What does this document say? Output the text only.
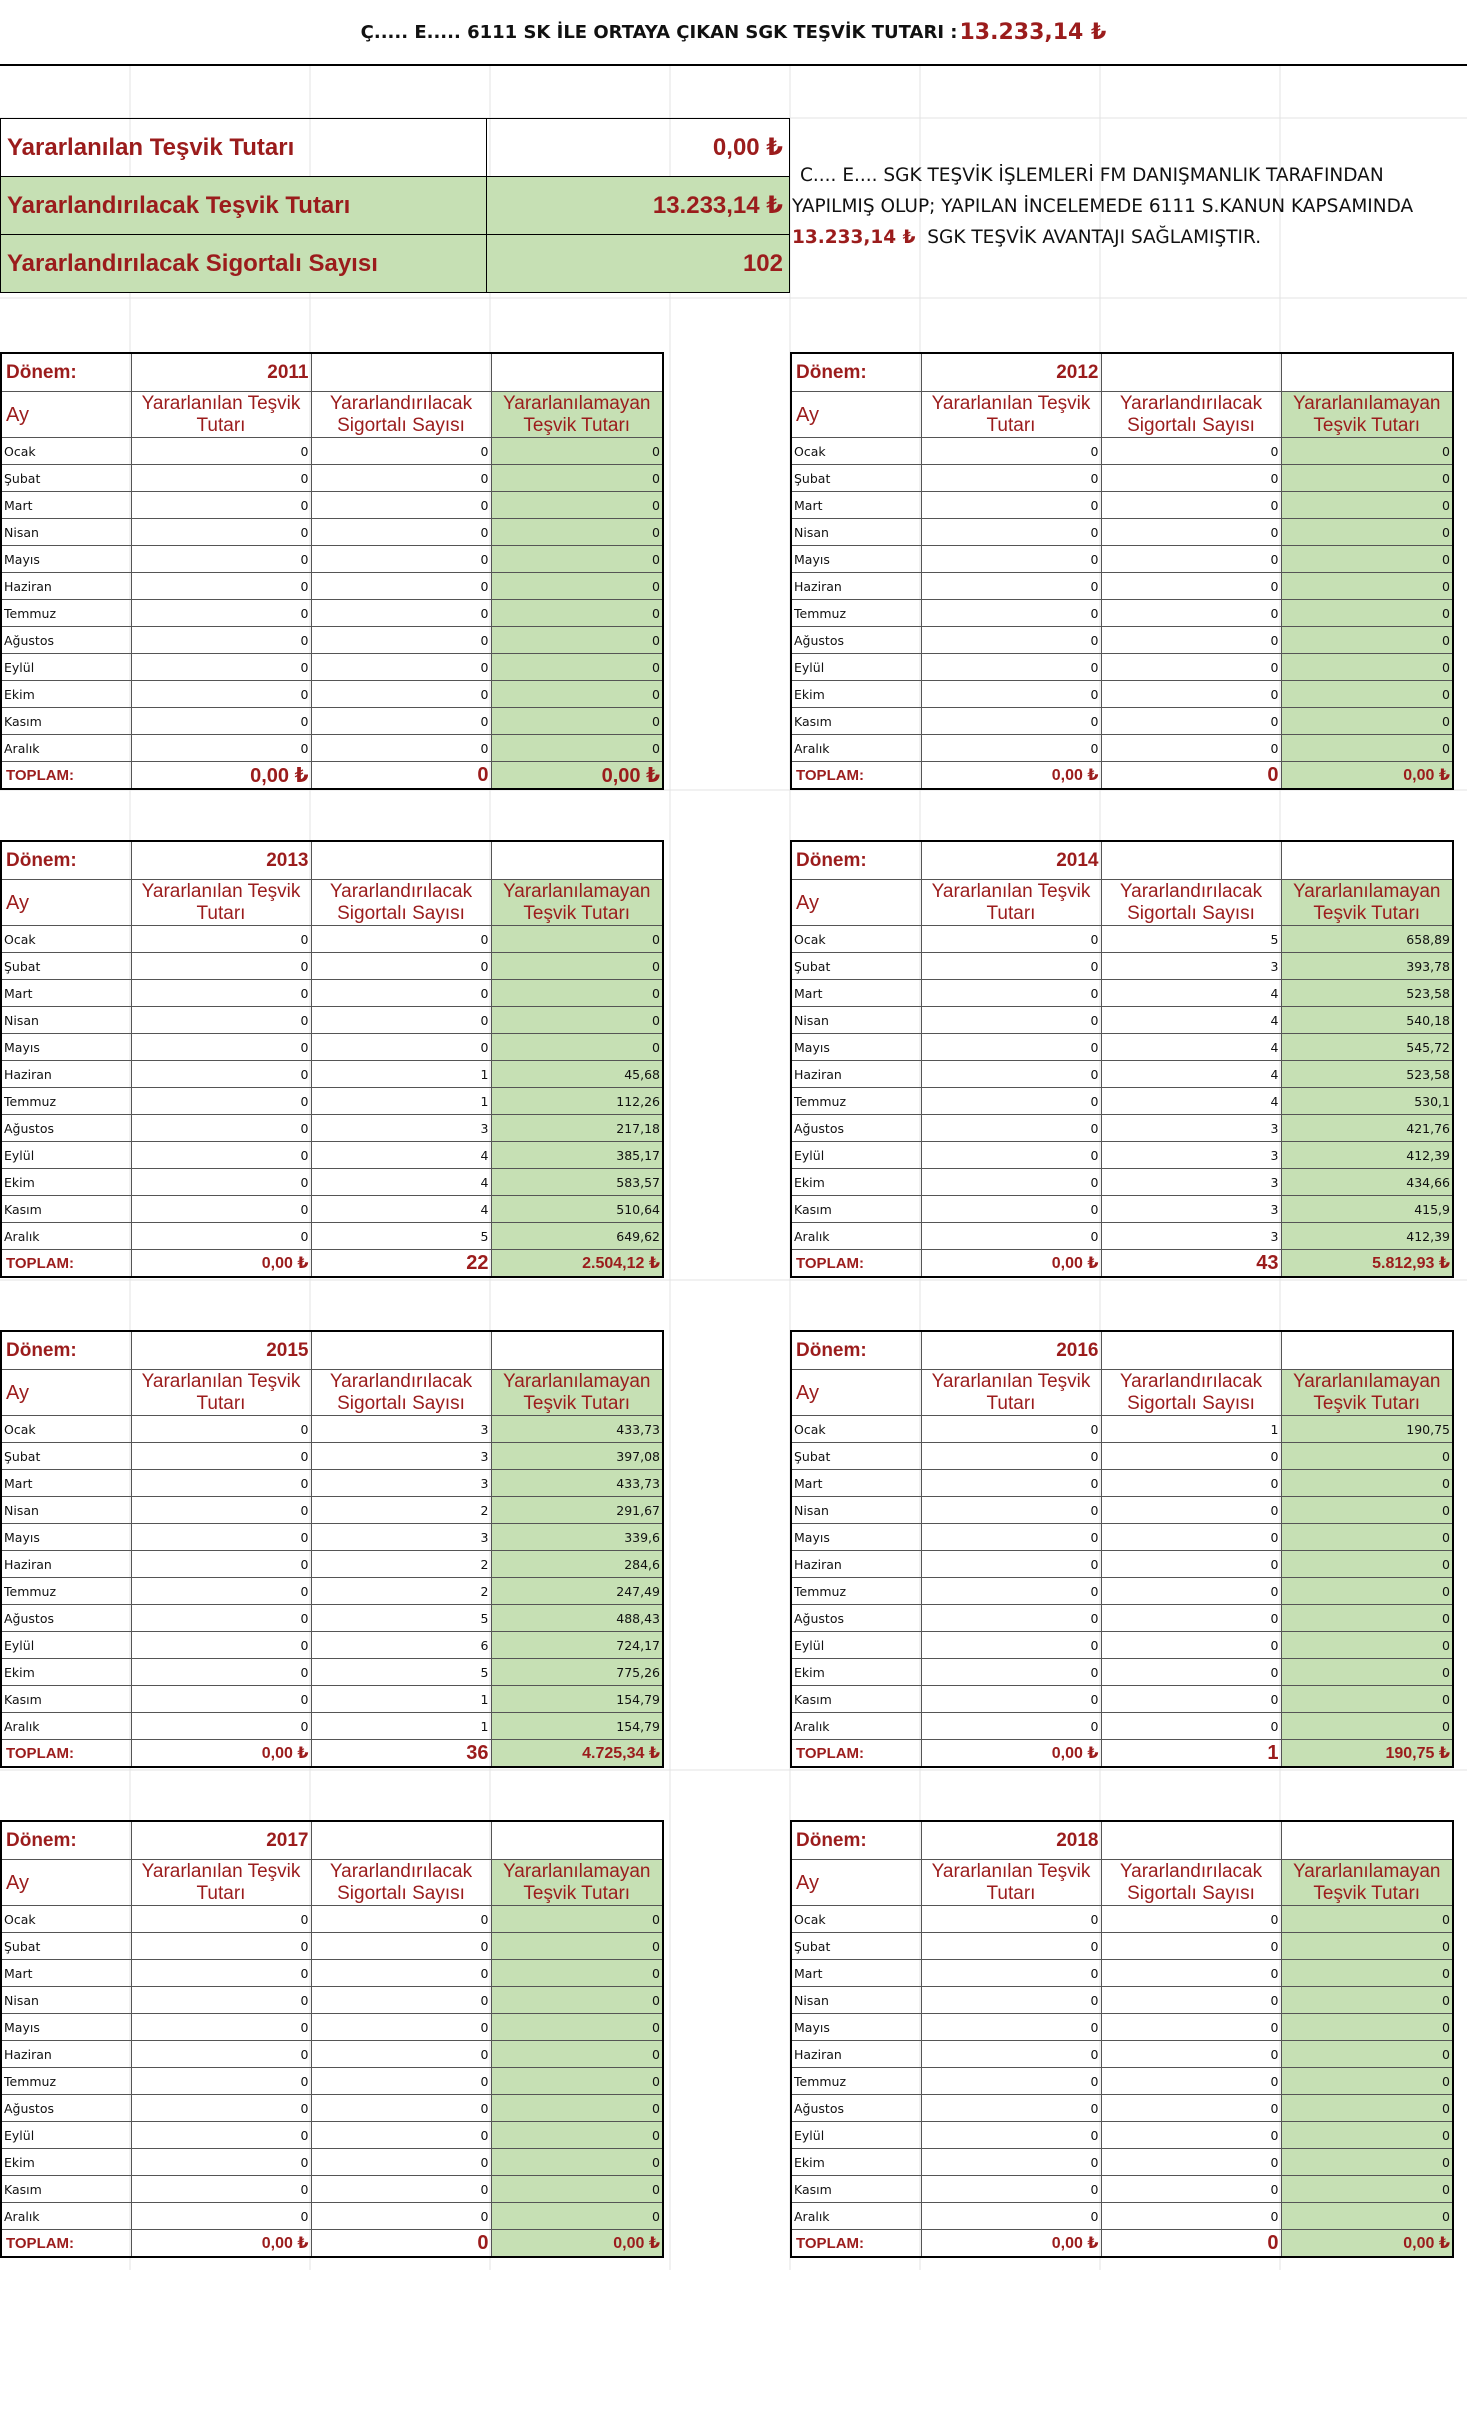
Ç..... E..... 6111 SK İLE ORTAYA ÇIKAN SGK TEŞVİK TUTARI : 13.233,14 ₺
Yararlanılan Teşvik Tutarı	0,00 ₺
Yararlandırılacak Teşvik Tutarı	13.233,14 ₺
Yararlandırılacak Sigortalı Sayısı	102
C.... E.... SGK TEŞVİK İŞLEMLERİ FM DANIŞMANLIK TARAFINDAN
YAPILMIŞ OLUP; YAPILAN İNCELEMEDE 6111 S.KANUN KAPSAMINDA
13.233,14 ₺  SGK TEŞVİK AVANTAJI SAĞLAMIŞTIR.
Dönem:	2011		
Ay	Yararlanılan Teşvik Tutarı	Yararlandırılacak Sigortalı Sayısı	Yararlanılamayan Teşvik Tutarı
Ocak	0	0	0
Şubat	0	0	0
Mart	0	0	0
Nisan	0	0	0
Mayıs	0	0	0
Haziran	0	0	0
Temmuz	0	0	0
Ağustos	0	0	0
Eylül	0	0	0
Ekim	0	0	0
Kasım	0	0	0
Aralık	0	0	0
TOPLAM:	0,00 ₺	0	0,00 ₺
Dönem:	2012		
Ay	Yararlanılan Teşvik Tutarı	Yararlandırılacak Sigortalı Sayısı	Yararlanılamayan Teşvik Tutarı
Ocak	0	0	0
Şubat	0	0	0
Mart	0	0	0
Nisan	0	0	0
Mayıs	0	0	0
Haziran	0	0	0
Temmuz	0	0	0
Ağustos	0	0	0
Eylül	0	0	0
Ekim	0	0	0
Kasım	0	0	0
Aralık	0	0	0
TOPLAM:	0,00 ₺	0	0,00 ₺
Dönem:	2013		
Ay	Yararlanılan Teşvik Tutarı	Yararlandırılacak Sigortalı Sayısı	Yararlanılamayan Teşvik Tutarı
Ocak	0	0	0
Şubat	0	0	0
Mart	0	0	0
Nisan	0	0	0
Mayıs	0	0	0
Haziran	0	1	45,68
Temmuz	0	1	112,26
Ağustos	0	3	217,18
Eylül	0	4	385,17
Ekim	0	4	583,57
Kasım	0	4	510,64
Aralık	0	5	649,62
TOPLAM:	0,00 ₺	22	2.504,12 ₺
Dönem:	2014		
Ay	Yararlanılan Teşvik Tutarı	Yararlandırılacak Sigortalı Sayısı	Yararlanılamayan Teşvik Tutarı
Ocak	0	5	658,89
Şubat	0	3	393,78
Mart	0	4	523,58
Nisan	0	4	540,18
Mayıs	0	4	545,72
Haziran	0	4	523,58
Temmuz	0	4	530,1
Ağustos	0	3	421,76
Eylül	0	3	412,39
Ekim	0	3	434,66
Kasım	0	3	415,9
Aralık	0	3	412,39
TOPLAM:	0,00 ₺	43	5.812,93 ₺
Dönem:	2015		
Ay	Yararlanılan Teşvik Tutarı	Yararlandırılacak Sigortalı Sayısı	Yararlanılamayan Teşvik Tutarı
Ocak	0	3	433,73
Şubat	0	3	397,08
Mart	0	3	433,73
Nisan	0	2	291,67
Mayıs	0	3	339,6
Haziran	0	2	284,6
Temmuz	0	2	247,49
Ağustos	0	5	488,43
Eylül	0	6	724,17
Ekim	0	5	775,26
Kasım	0	1	154,79
Aralık	0	1	154,79
TOPLAM:	0,00 ₺	36	4.725,34 ₺
Dönem:	2016		
Ay	Yararlanılan Teşvik Tutarı	Yararlandırılacak Sigortalı Sayısı	Yararlanılamayan Teşvik Tutarı
Ocak	0	1	190,75
Şubat	0	0	0
Mart	0	0	0
Nisan	0	0	0
Mayıs	0	0	0
Haziran	0	0	0
Temmuz	0	0	0
Ağustos	0	0	0
Eylül	0	0	0
Ekim	0	0	0
Kasım	0	0	0
Aralık	0	0	0
TOPLAM:	0,00 ₺	1	190,75 ₺
Dönem:	2017		
Ay	Yararlanılan Teşvik Tutarı	Yararlandırılacak Sigortalı Sayısı	Yararlanılamayan Teşvik Tutarı
Ocak	0	0	0
Şubat	0	0	0
Mart	0	0	0
Nisan	0	0	0
Mayıs	0	0	0
Haziran	0	0	0
Temmuz	0	0	0
Ağustos	0	0	0
Eylül	0	0	0
Ekim	0	0	0
Kasım	0	0	0
Aralık	0	0	0
TOPLAM:	0,00 ₺	0	0,00 ₺
Dönem:	2018		
Ay	Yararlanılan Teşvik Tutarı	Yararlandırılacak Sigortalı Sayısı	Yararlanılamayan Teşvik Tutarı
Ocak	0	0	0
Şubat	0	0	0
Mart	0	0	0
Nisan	0	0	0
Mayıs	0	0	0
Haziran	0	0	0
Temmuz	0	0	0
Ağustos	0	0	0
Eylül	0	0	0
Ekim	0	0	0
Kasım	0	0	0
Aralık	0	0	0
TOPLAM:	0,00 ₺	0	0,00 ₺
